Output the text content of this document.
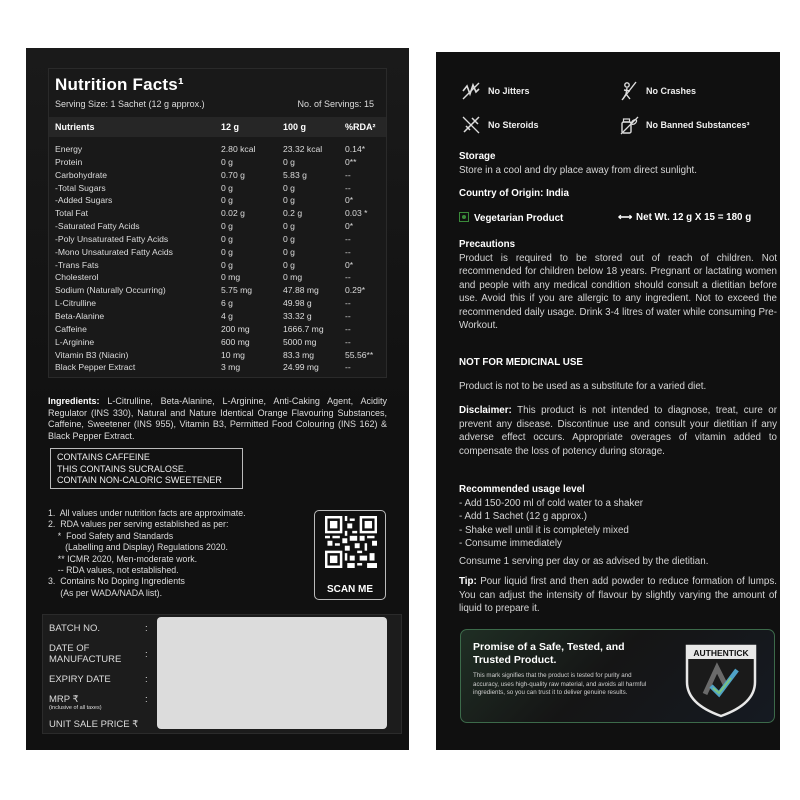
Nutrition Facts¹
Serving Size: 1 Sachet (12 g approx.)	No. of Servings: 15
Nutrients	12 g	100 g	%RDA²
Energy	2.80 kcal	23.32 kcal	0.14*
Protein	0 g	0 g	0**
Carbohydrate	0.70 g	5.83 g	--
-Total Sugars	0 g	0 g	--
-Added Sugars	0 g	0 g	0*
Total Fat	0.02 g	0.2 g	0.03 *
-Saturated Fatty Acids	0 g	0 g	0*
-Poly Unsaturated Fatty Acids	0 g	0 g	--
-Mono Unsaturated Fatty Acids	0 g	0 g	--
-Trans Fats	0 g	0 g	0*
Cholesterol	0 mg	0 mg	--
Sodium (Naturally Occurring)	5.75 mg	47.88 mg	0.29*
L-Citrulline	6 g	49.98 g	--
Beta-Alanine	4 g	33.32 g	--
Caffeine	200 mg	1666.7 mg --
L-Arginine	600 mg	5000 mg	--
Vitamin B3 (Niacin)	10 mg	83.3 mg	55.56**
Black Pepper Extract	3 mg	24.99 mg	--
Ingredients: L-Citrulline, Beta-Alanine, L-Arginine, Anti-Caking Agent, Acidity Regulator (INS 330), Natural and Nature Identical Orange Flavouring Substances, Caffeine, Sweetener (INS 955), Vitamin B3, Permitted Food Colouring (INS 162) & Black Pepper Extract.
CONTAINS CAFFEINE
THIS CONTAINS SUCRALOSE.
CONTAIN NON-CALORIC SWEETENER
1.  All values under nutrition facts are approximate.
2.  RDA values per serving established as per:
*  Food Safety and Standards
(Labelling and Display) Regulations 2020.
** ICMR 2020, Men-moderate work.
-- RDA values, not established.
3.  Contains No Doping Ingredients
(As per WADA/NADA list).	SCAN ME
BATCH NO.	:
DATE OF
:
MANUFACTURE
EXPIRY DATE	:
MRP ₹	:
(inclusive of all taxes)
UNIT SALE PRICE ₹
No Jitters	No Crashes
No Steroids	No Banned Substances³
Storage
Store in a cool and dry place away from direct sunlight.
Country of Origin: India
Vegetarian Product	⟷ Net Wt. 12 g X 15 = 180 g
Precautions
Product is required to be stored out of reach of children. Not recommended for children below 18 years. Pregnant or lactating women and people with any medical condition should consult a dietitian before use. Avoid this if you are allergic to any ingredient. Not to exceed the recommended daily usage. Drink 3-4 litres of water while consuming Pre-Workout.
NOT FOR MEDICINAL USE
Product is not to be used as a substitute for a varied diet.
Disclaimer: This product is not intended to diagnose, treat, cure or prevent any disease. Discontinue use and consult your dietitian if any adverse effect occurs. Appropriate overages of vitamin added to compensate the loss of potency during storage.
Recommended usage level
- Add 150-200 ml of cold water to a shaker
- Add 1 Sachet (12 g approx.)
- Shake well until it is completely mixed
- Consume immediately
Consume 1 serving per day or as advised by the dietitian.
Tip: Pour liquid first and then add powder to reduce formation of lumps. You can adjust the intensity of flavour by slightly varying the amount of liquid to prepare it.
Promise of a Safe, Tested, and Trusted Product.
This mark signifies that the product is tested for purity and accuracy, uses high-quality raw material, and avoids all harmful ingredients, so you can trust it to deliver genuine results.
AUTHENTICK
